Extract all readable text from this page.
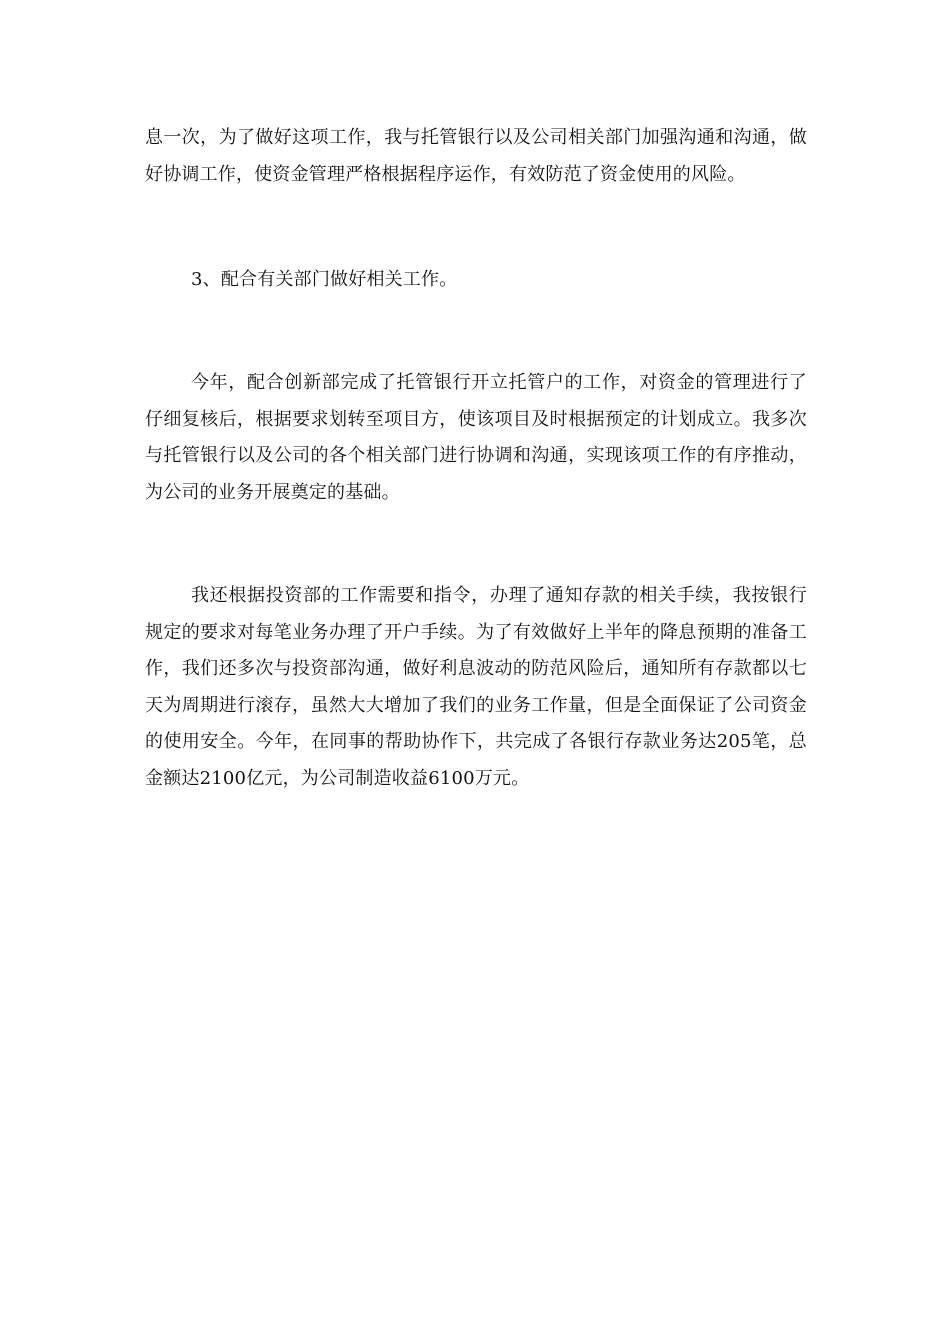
息一次，为了做好这项工作，我与托管银行以及公司相关部门加强沟通和沟通，做好协调工作，使资金管理严格根据程序运作，有效防范了资金使用的风险。

3、配合有关部门做好相关工作。

今年，配合创新部完成了托管银行开立托管户的工作，对资金的管理进行了仔细复核后，根据要求划转至项目方，使该项目及时根据预定的计划成立。我多次与托管银行以及公司的各个相关部门进行协调和沟通，实现该项工作的有序推动，为公司的业务开展奠定的基础。

我还根据投资部的工作需要和指令，办理了通知存款的相关手续，我按银行规定的要求对每笔业务办理了开户手续。为了有效做好上半年的降息预期的准备工作，我们还多次与投资部沟通，做好利息波动的防范风险后，通知所有存款都以七天为周期进行滚存，虽然大大增加了我们的业务工作量，但是全面保证了公司资金的使用安全。今年，在同事的帮助协作下，共完成了各银行存款业务达205笔，总金额达2100亿元，为公司制造收益6100万元。
